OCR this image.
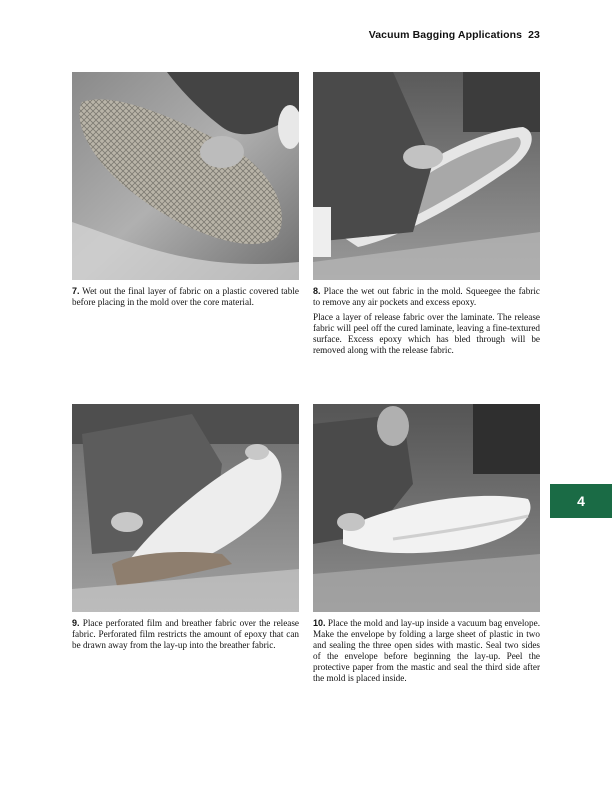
Vacuum Bagging Applications 23

7. Wet out the final layer of fabric on a plastic covered table before placing in the mold over the core material.

8. Place the wet out fabric in the mold. Squeegee the fabric to remove any air pockets and excess epoxy.

Place a layer of release fabric over the laminate. The release fabric will peel off the cured laminate, leaving a fine-textured surface. Excess epoxy which has bled through will be removed along with the release fabric.

9. Place perforated film and breather fabric over the release fabric. Perforated film restricts the amount of epoxy that can be drawn away from the lay-up into the breather fabric.

10. Place the mold and lay-up inside a vacuum bag envelope. Make the envelope by folding a large sheet of plastic in two and sealing the three open sides with mastic. Seal two sides of the envelope before beginning the lay-up. Peel the protective paper from the mastic and seal the third side after the mold is placed inside.

4
